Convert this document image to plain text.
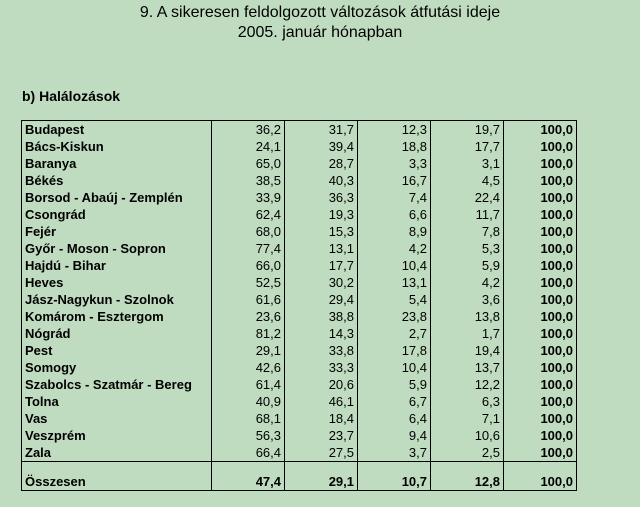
9. A sikeresen feldolgozott változások átfutási ideje
2005. január hónapban
b) Halálozások
Budapest	36,2	31,7	12,3	19,7	100,0
Bács-Kiskun	24,1	39,4	18,8	17,7	100,0
Baranya	65,0	28,7	3,3	3,1	100,0
Békés	38,5	40,3	16,7	4,5	100,0
Borsod - Abaúj - Zemplén	33,9	36,3	7,4	22,4	100,0
Csongrád	62,4	19,3	6,6	11,7	100,0
Fejér	68,0	15,3	8,9	7,8	100,0
Győr - Moson - Sopron	77,4	13,1	4,2	5,3	100,0
Hajdú - Bihar	66,0	17,7	10,4	5,9	100,0
Heves	52,5	30,2	13,1	4,2	100,0
Jász-Nagykun - Szolnok	61,6	29,4	5,4	3,6	100,0
Komárom - Esztergom	23,6	38,8	23,8	13,8	100,0
Nógrád	81,2	14,3	2,7	1,7	100,0
Pest	29,1	33,8	17,8	19,4	100,0
Somogy	42,6	33,3	10,4	13,7	100,0
Szabolcs - Szatmár - Bereg	61,4	20,6	5,9	12,2	100,0
Tolna	40,9	46,1	6,7	6,3	100,0
Vas	68,1	18,4	6,4	7,1	100,0
Veszprém	56,3	23,7	9,4	10,6	100,0
Zala	66,4	27,5	3,7	2,5	100,0

Összesen	47,4	29,1	10,7	12,8	100,0
